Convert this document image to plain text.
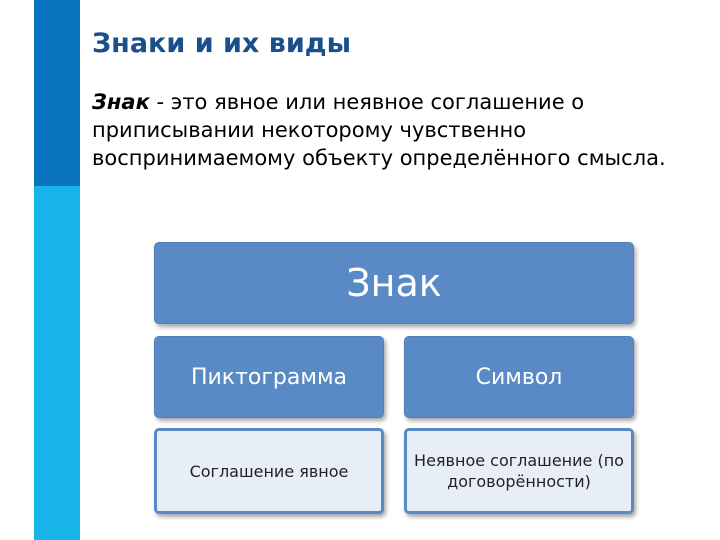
Знаки и их виды
Знак - это явное или неявное соглашение о приписывании некоторому чувственно воспринимаемому объекту определённого смысла.
Знак
Пиктограмма	Символ
Соглашение явное
Неявное соглашение (по договорённости)
